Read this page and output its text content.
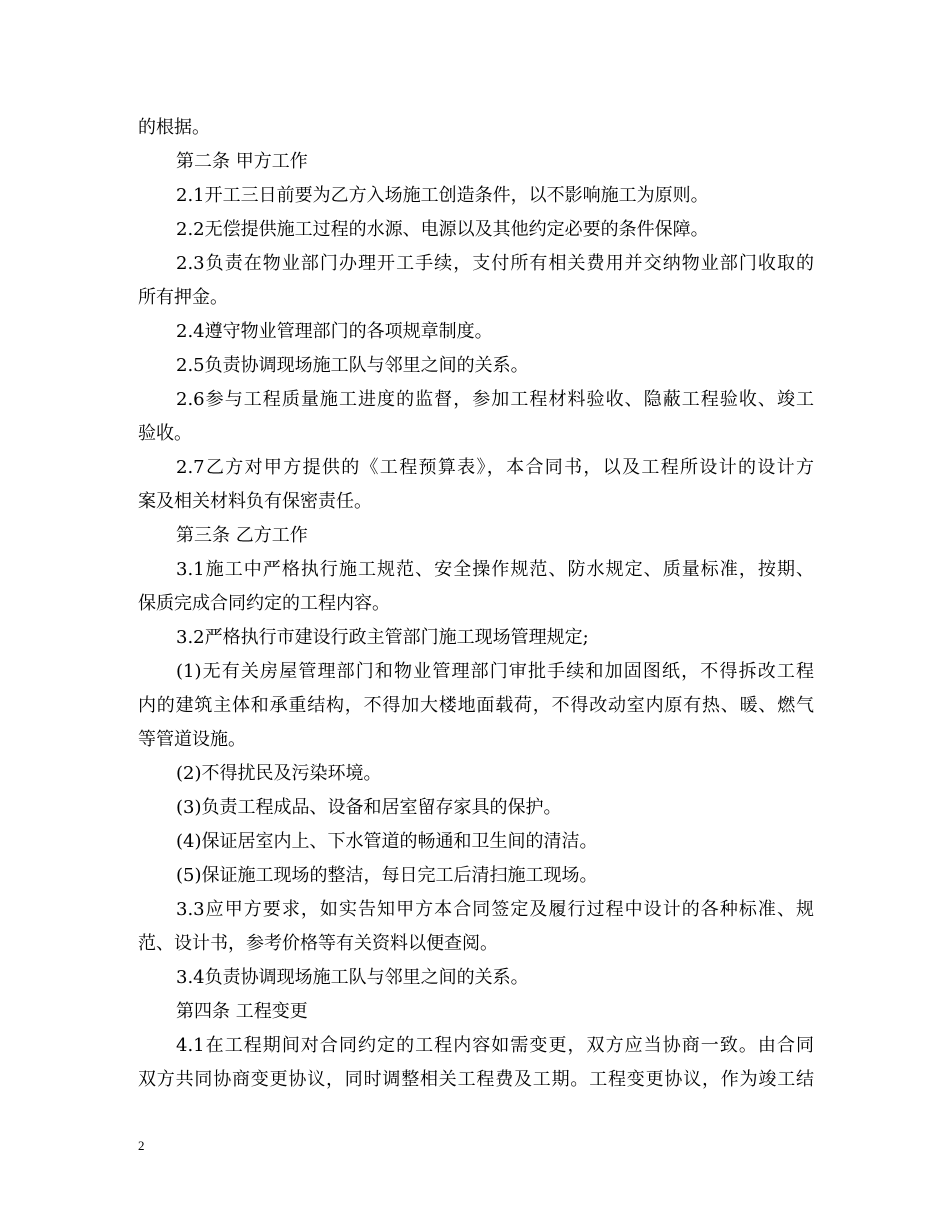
的根据。
第二条 甲方工作
2.1开工三日前要为乙方入场施工创造条件，以不影响施工为原则。
2.2无偿提供施工过程的水源、电源以及其他约定必要的条件保障。
2.3负责在物业部门办理开工手续，支付所有相关费用并交纳物业部门收取的
所有押金。
2.4遵守物业管理部门的各项规章制度。
2.5负责协调现场施工队与邻里之间的关系。
2.6参与工程质量施工进度的监督，参加工程材料验收、隐蔽工程验收、竣工
验收。
2.7乙方对甲方提供的《工程预算表》，本合同书，以及工程所设计的设计方
案及相关材料负有保密责任。
第三条 乙方工作
3.1施工中严格执行施工规范、安全操作规范、防水规定、质量标准，按期、
保质完成合同约定的工程内容。
3.2严格执行市建设行政主管部门施工现场管理规定;
(1)无有关房屋管理部门和物业管理部门审批手续和加固图纸，不得拆改工程
内的建筑主体和承重结构，不得加大楼地面载荷，不得改动室内原有热、暖、燃气
等管道设施。
(2)不得扰民及污染环境。
(3)负责工程成品、设备和居室留存家具的保护。
(4)保证居室内上、下水管道的畅通和卫生间的清洁。
(5)保证施工现场的整洁，每日完工后清扫施工现场。
3.3应甲方要求，如实告知甲方本合同签定及履行过程中设计的各种标准、规
范、设计书，参考价格等有关资料以便查阅。
3.4负责协调现场施工队与邻里之间的关系。
第四条 工程变更
4.1在工程期间对合同约定的工程内容如需变更，双方应当协商一致。由合同
双方共同协商变更协议，同时调整相关工程费及工期。工程变更协议，作为竣工结
2
